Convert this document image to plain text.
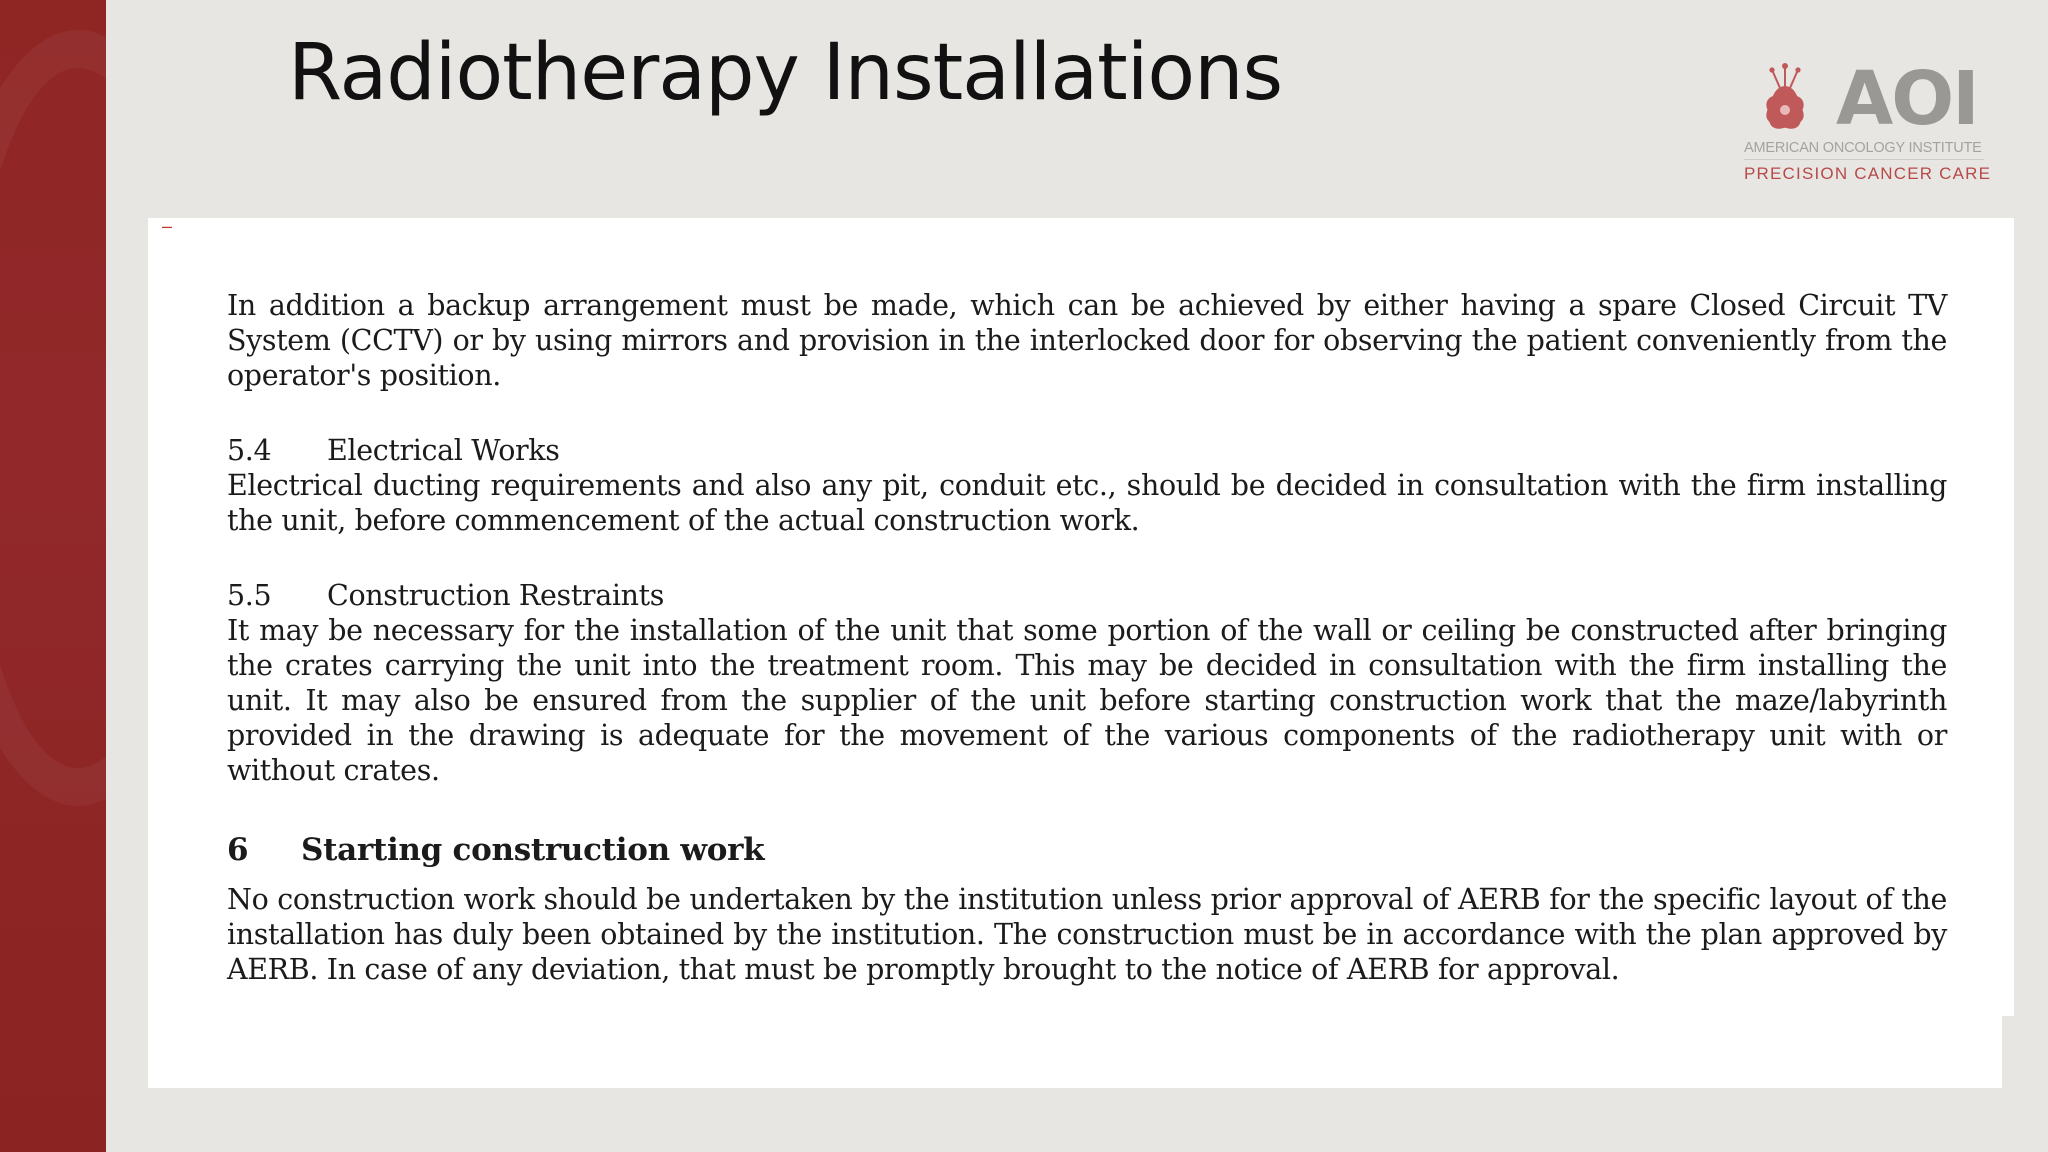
Radiotherapy Installations	AOI
AMERICAN ONCOLOGY INSTITUTE
PRECISION CANCER CARE
–

In addition a backup arrangement must be made, which can be achieved by either having a spare Closed Circuit TV System (CCTV) or by using mirrors and provision in the interlocked door for observing the patient conveniently from the operator's position.

5.4 Electrical Works

Electrical ducting requirements and also any pit, conduit etc., should be decided in consultation with the firm installing the unit, before commencement of the actual construction work.

5.5 Construction Restraints

It may be necessary for the installation of the unit that some portion of the wall or ceiling be constructed after bringing the crates carrying the unit into the treatment room. This may be decided in consultation with the firm installing the unit. It may also be ensured from the supplier of the unit before starting construction work that the maze/labyrinth provided in the drawing is adequate for the movement of the various components of the radiotherapy unit with or without crates.

6 Starting construction work

No construction work should be undertaken by the institution unless prior approval of AERB for the specific layout of the installation has duly been obtained by the institution. The construction must be in accordance with the plan approved by AERB. In case of any deviation, that must be promptly brought to the notice of AERB for approval.
